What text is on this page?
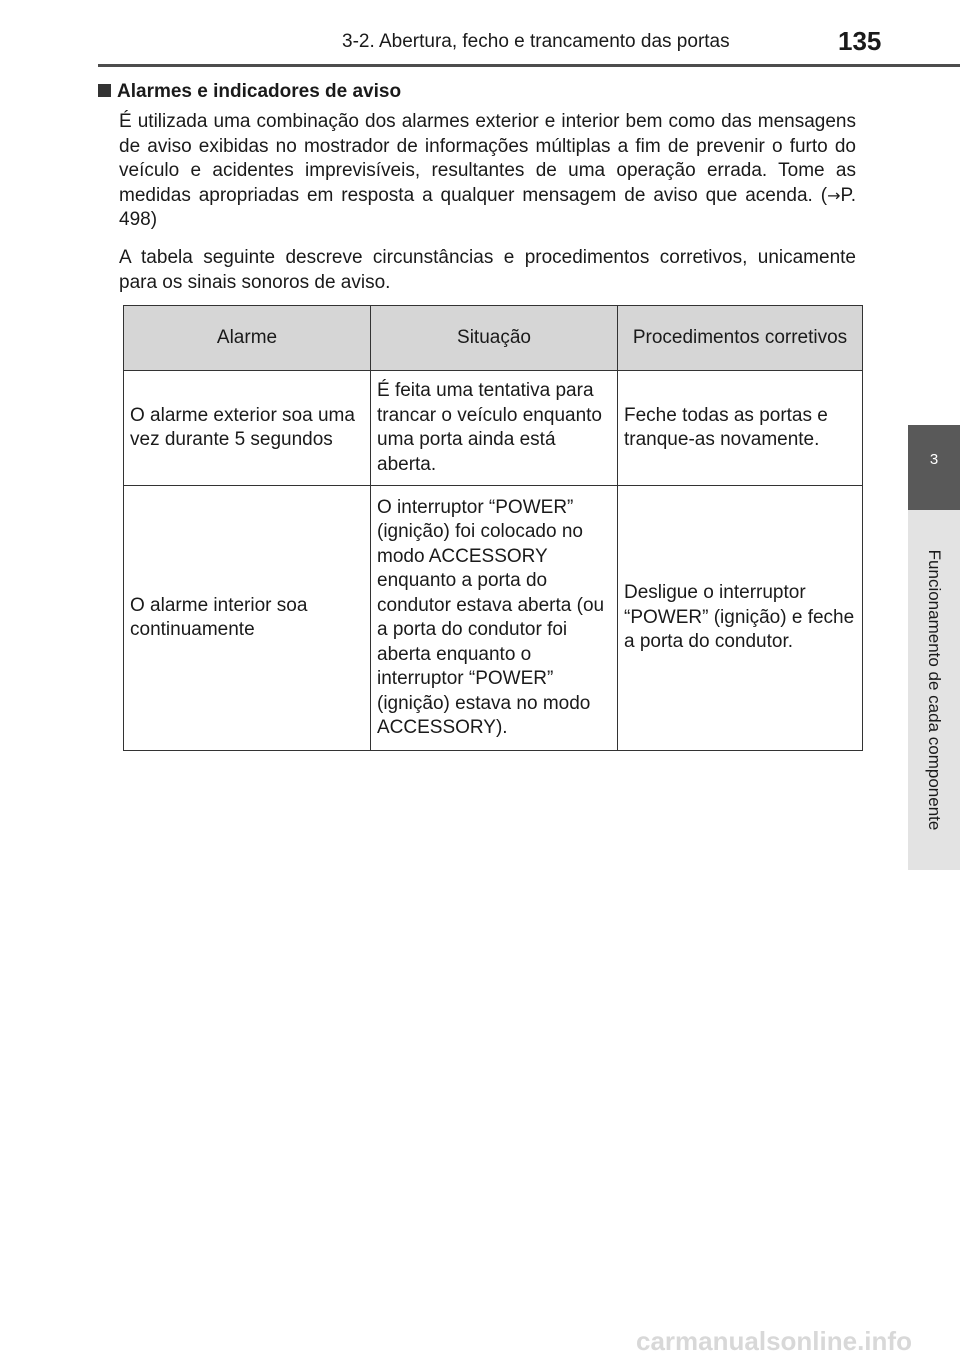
3-2. Abertura, fecho e trancamento das portas	135
3
Funcionamento de cada componente
Alarmes e indicadores de aviso

É utilizada uma combinação dos alarmes exterior e interior bem como das mensagens de aviso exibidas no mostrador de informações múltiplas a fim de prevenir o furto do veículo e acidentes imprevisíveis, resultantes de uma operação errada. Tome as medidas apropriadas em resposta a qualquer mensagem de aviso que acenda. (→P. 498)

A tabela seguinte descreve circunstâncias e procedimentos corretivos, unicamente para os sinais sonoros de aviso.

Alarme	Situação	Procedimentos corretivos
O alarme exterior soa uma vez durante 5 segundos	É feita uma tentativa para trancar o veículo enquanto uma porta ainda está aberta.	Feche todas as portas e tranque-as novamente.
O alarme interior soa continuamente	O interruptor “POWER” (ignição) foi colocado no modo ACCESSORY enquanto a porta do condutor estava aberta (ou a porta do condutor foi aberta enquanto o interruptor “POWER” (ignição) estava no modo ACCESSORY).	Desligue o interruptor “POWER” (ignição) e feche a porta do condutor.
carmanualsonline.info
